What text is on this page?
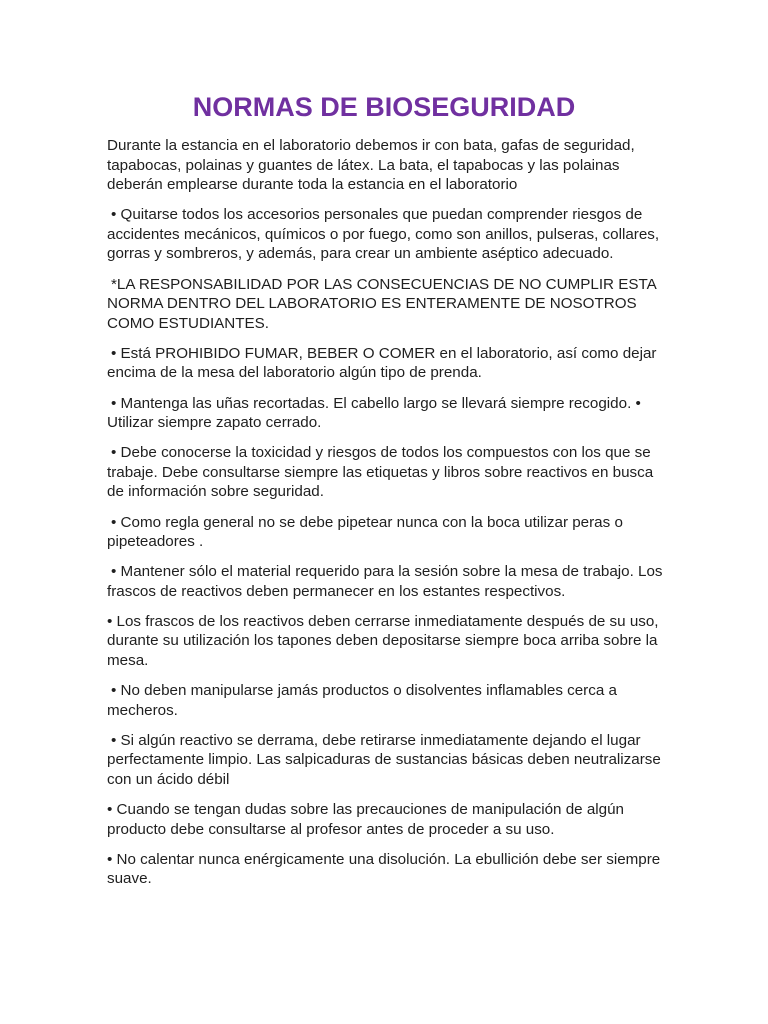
NORMAS DE BIOSEGURIDAD

Durante la estancia en el laboratorio debemos ir con bata, gafas de seguridad,
tapabocas, polainas y guantes de látex. La bata, el tapabocas y las polainas
deberán emplearse durante toda la estancia en el laboratorio

• Quitarse todos los accesorios personales que puedan comprender riesgos de
accidentes mecánicos, químicos o por fuego, como son anillos, pulseras, collares,
gorras y sombreros, y además, para crear un ambiente aséptico adecuado.

*LA RESPONSABILIDAD POR LAS CONSECUENCIAS DE NO CUMPLIR ESTA
NORMA DENTRO DEL LABORATORIO ES ENTERAMENTE DE NOSOTROS
COMO ESTUDIANTES.

• Está PROHIBIDO FUMAR, BEBER O COMER en el laboratorio, así como dejar
encima de la mesa del laboratorio algún tipo de prenda.

• Mantenga las uñas recortadas. El cabello largo se llevará siempre recogido. •
Utilizar siempre zapato cerrado.

• Debe conocerse la toxicidad y riesgos de todos los compuestos con los que se
trabaje. Debe consultarse siempre las etiquetas y libros sobre reactivos en busca
de información sobre seguridad.

• Como regla general no se debe pipetear nunca con la boca utilizar peras o
pipeteadores .

• Mantener sólo el material requerido para la sesión sobre la mesa de trabajo. Los
frascos de reactivos deben permanecer en los estantes respectivos.

• Los frascos de los reactivos deben cerrarse inmediatamente después de su uso,
durante su utilización los tapones deben depositarse siempre boca arriba sobre la
mesa.

• No deben manipularse jamás productos o disolventes inflamables cerca a
mecheros.

• Si algún reactivo se derrama, debe retirarse inmediatamente dejando el lugar
perfectamente limpio. Las salpicaduras de sustancias básicas deben neutralizarse
con un ácido débil

• Cuando se tengan dudas sobre las precauciones de manipulación de algún
producto debe consultarse al profesor antes de proceder a su uso.

• No calentar nunca enérgicamente una disolución. La ebullición debe ser siempre
suave.
